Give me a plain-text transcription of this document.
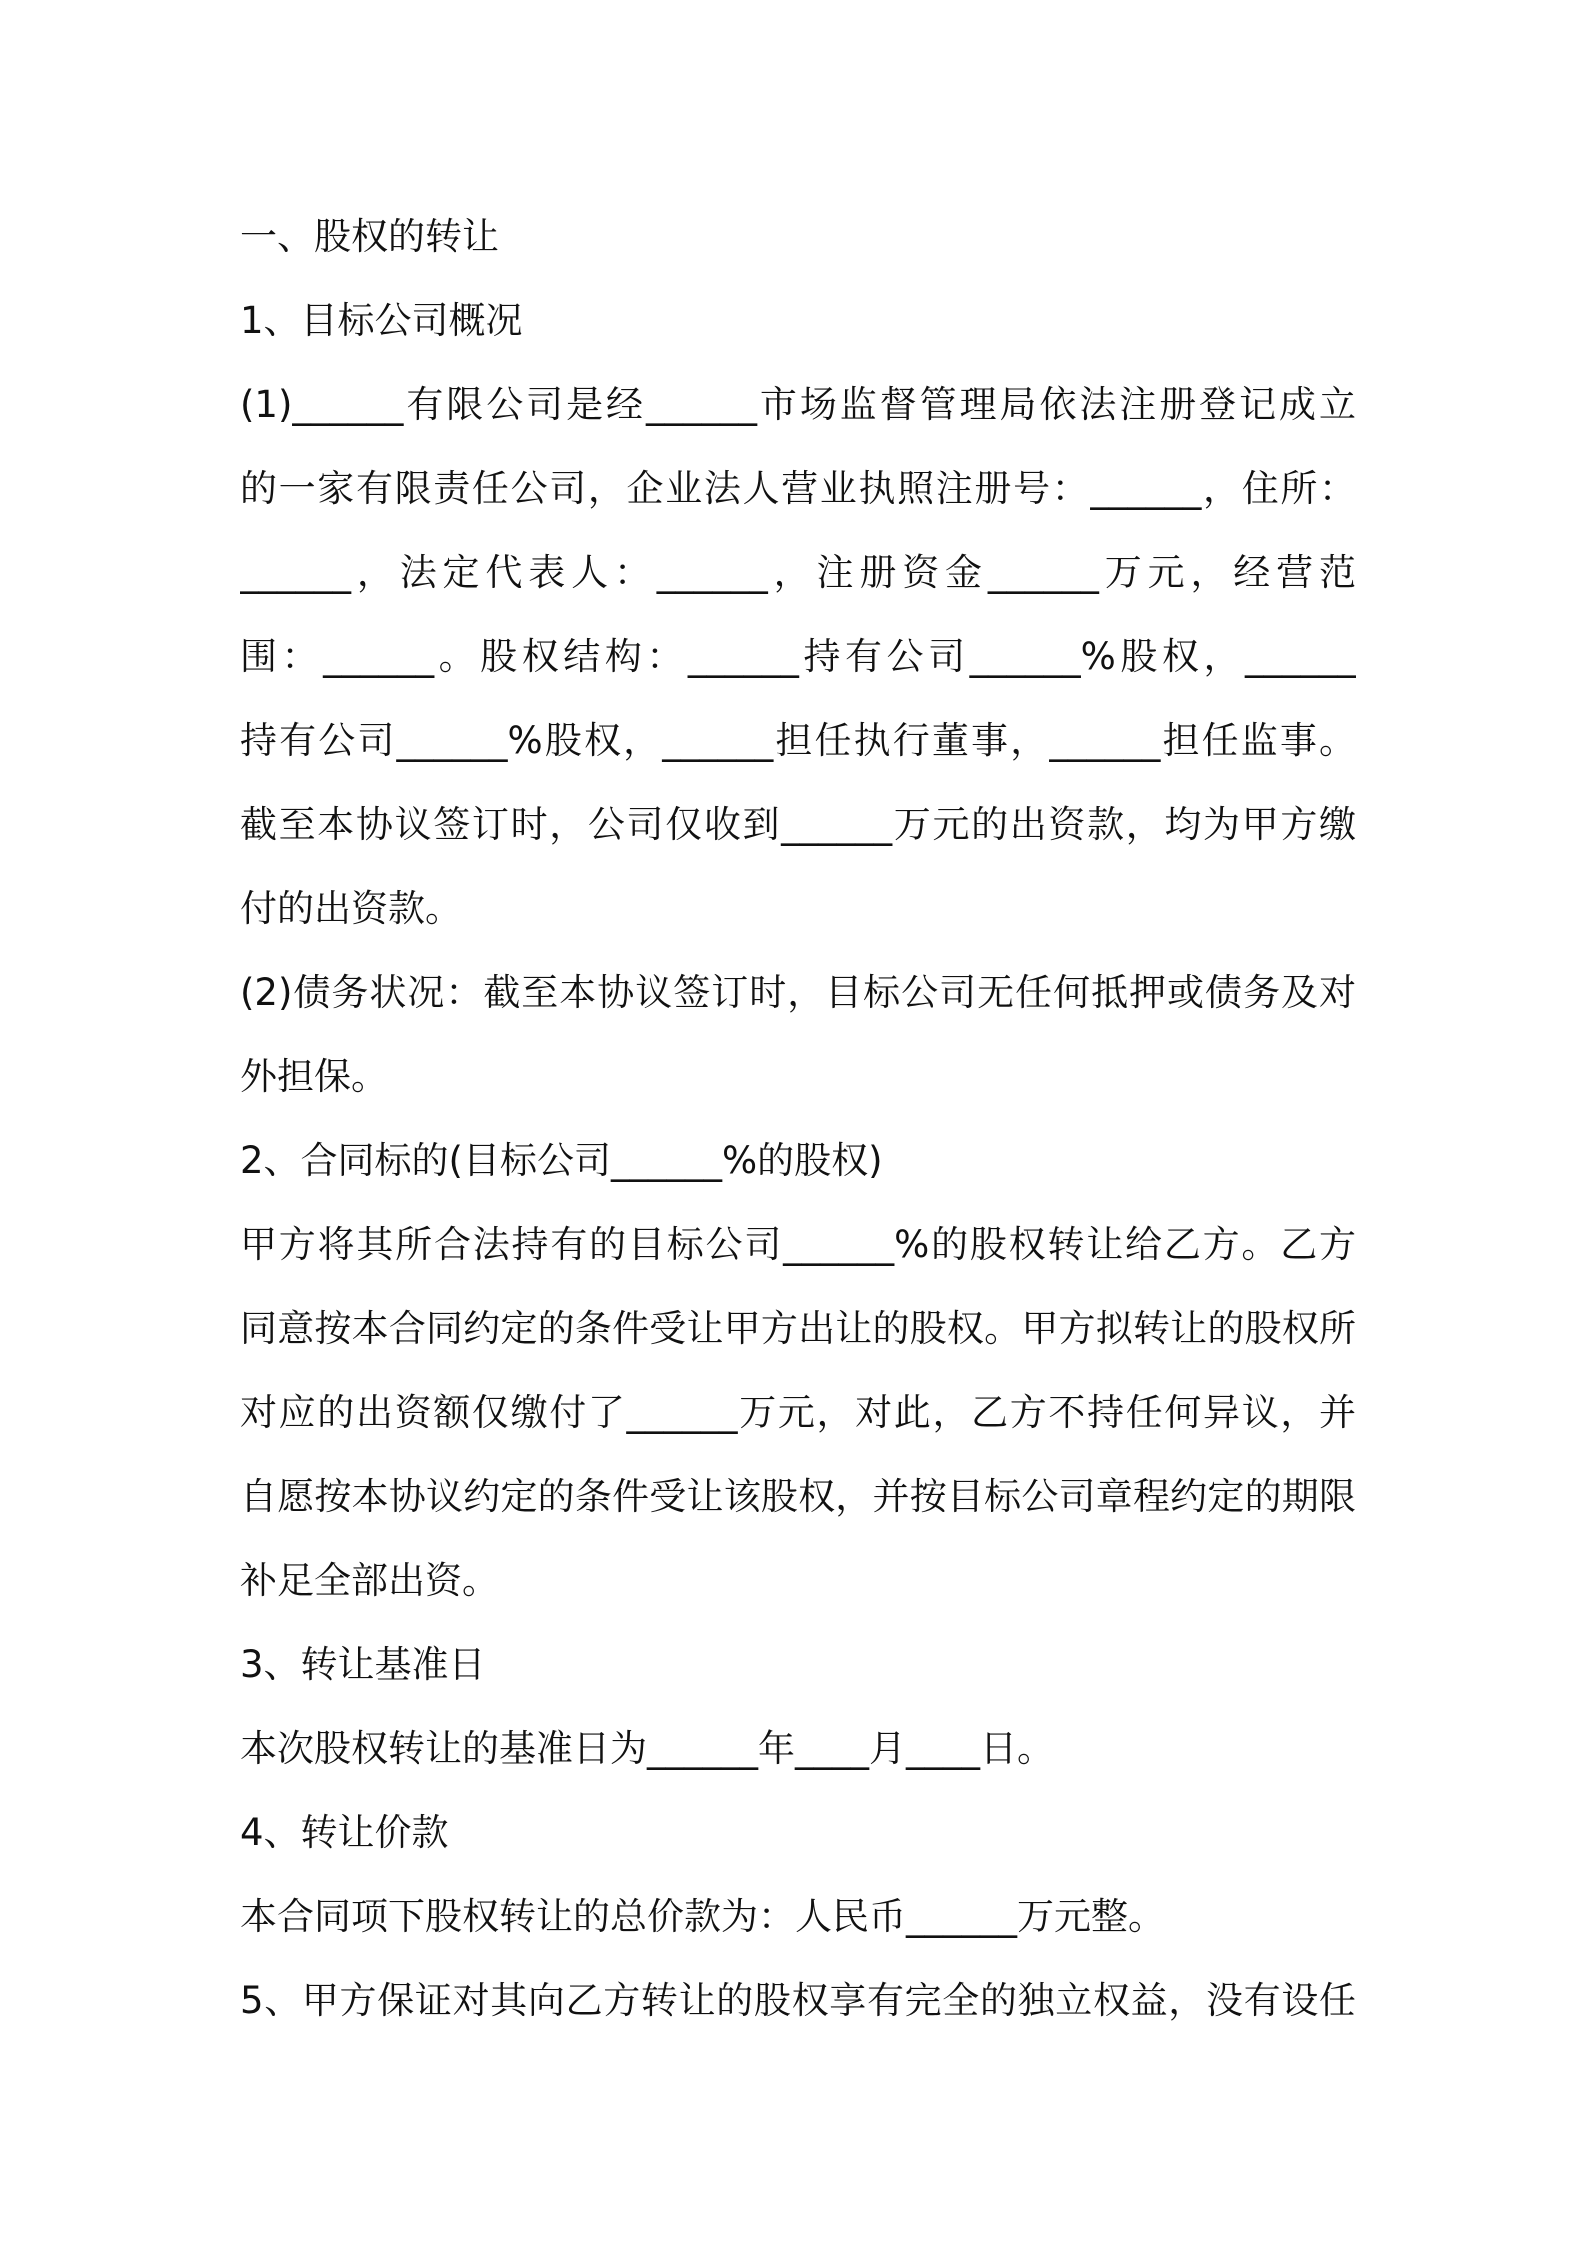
一、股权的转让
1、目标公司概况
(1)______有限公司是经______市场监督管理局依法注册登记成立
的一家有限责任公司，企业法人营业执照注册号：______，住所：
______，法定代表人：______，注册资金______万元，经营范
围：______。股权结构：______持有公司______%股权，______
持有公司______%股权，______担任执行董事，______担任监事。
截至本协议签订时，公司仅收到______万元的出资款，均为甲方缴
付的出资款。
(2)债务状况：截至本协议签订时，目标公司无任何抵押或债务及对
外担保。
2、合同标的(目标公司______%的股权)
甲方将其所合法持有的目标公司______%的股权转让给乙方。乙方
同意按本合同约定的条件受让甲方出让的股权。甲方拟转让的股权所
对应的出资额仅缴付了______万元，对此，乙方不持任何异议，并
自愿按本协议约定的条件受让该股权，并按目标公司章程约定的期限
补足全部出资。
3、转让基准日
本次股权转让的基准日为______年____月____日。
4、转让价款
本合同项下股权转让的总价款为：人民币______万元整。
5、甲方保证对其向乙方转让的股权享有完全的独立权益，没有设任
